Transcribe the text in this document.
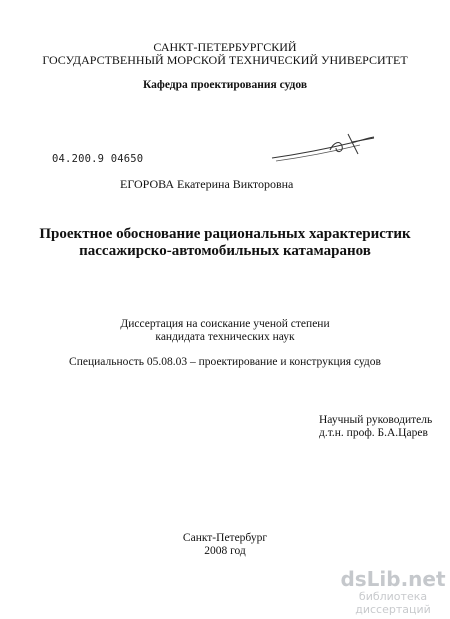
САНКТ-ПЕТЕРБУРГСКИЙ
ГОСУДАРСТВЕННЫЙ МОРСКОЙ ТЕХНИЧЕСКИЙ УНИВЕРСИТЕТ
Кафедра проектирования судов
04.200.9 04650
ЕГОРОВА Екатерина Викторовна
Проектное обоснование рациональных характеристик
пассажирско-автомобильных катамаранов
Диссертация на соискание ученой степени
кандидата технических наук
Специальность 05.08.03 – проектирование и конструкция судов
Научный руководитель
д.т.н. проф. Б.А.Царев
Санкт-Петербург
2008 год
dsLib.net
библиотека диссертаций
